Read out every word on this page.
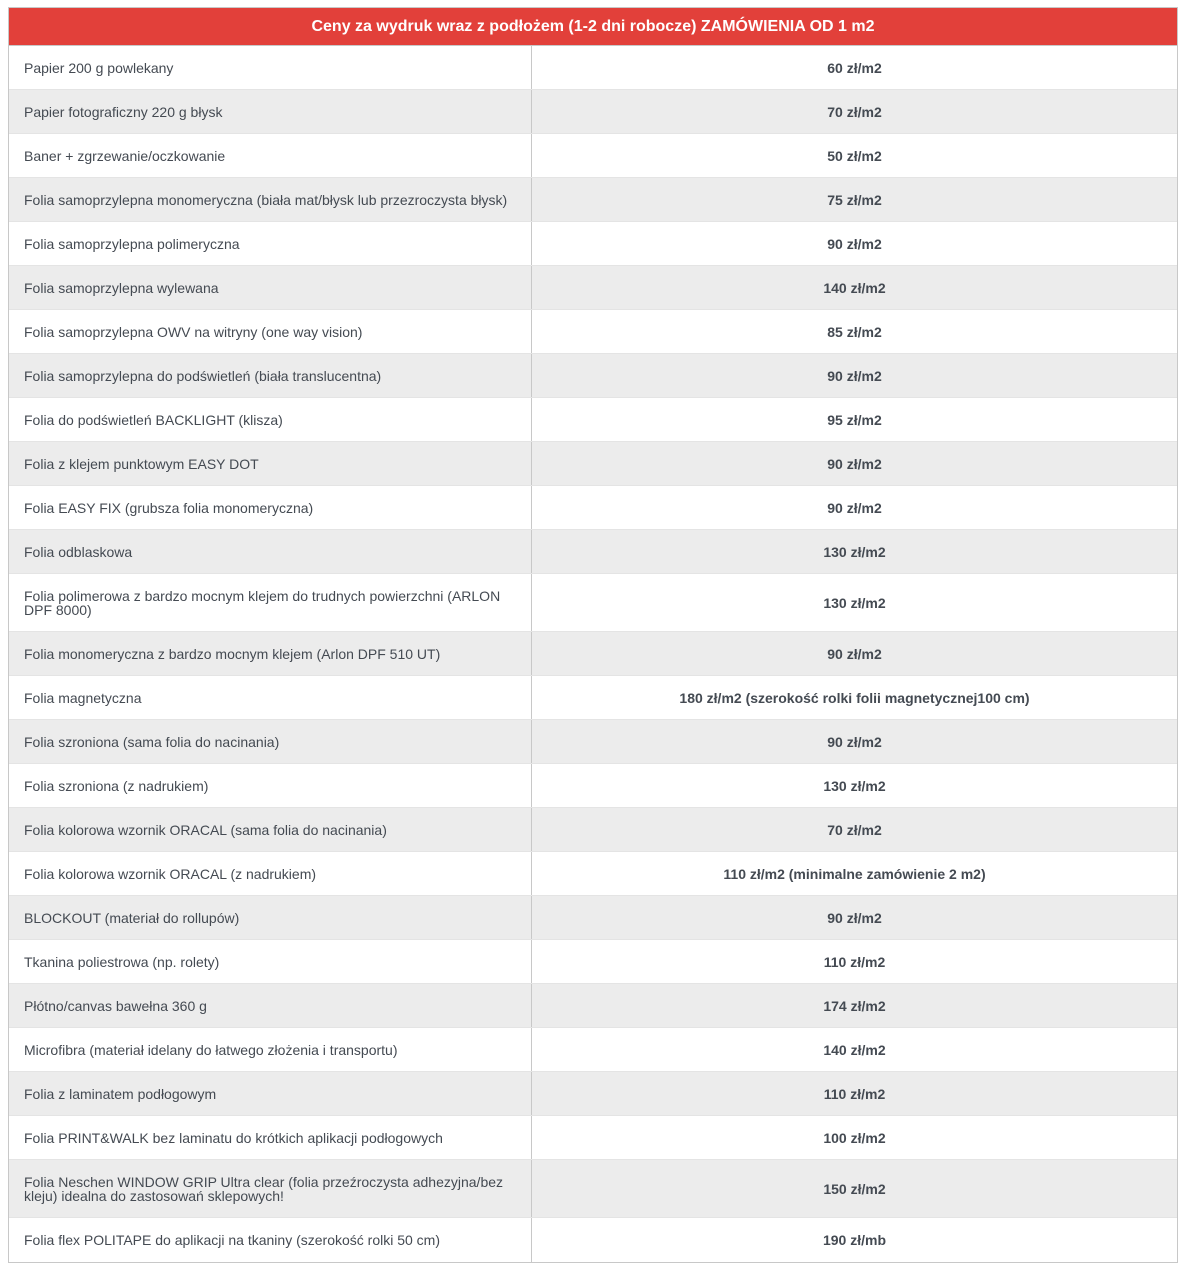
Ceny za wydruk wraz z podłożem (1-2 dni robocze) ZAMÓWIENIA OD 1 m2
Papier 200 g powlekany	60 zł/m2
Papier fotograficzny 220 g błysk	70 zł/m2
Baner + zgrzewanie/oczkowanie	50 zł/m2
Folia samoprzylepna monomeryczna (biała mat/błysk lub przezroczysta błysk)	75 zł/m2
Folia samoprzylepna polimeryczna	90 zł/m2
Folia samoprzylepna wylewana	140 zł/m2
Folia samoprzylepna OWV na witryny (one way vision)	85 zł/m2
Folia samoprzylepna do podświetleń (biała translucentna)	90 zł/m2
Folia do podświetleń BACKLIGHT (klisza)	95 zł/m2
Folia z klejem punktowym EASY DOT	90 zł/m2
Folia EASY FIX (grubsza folia monomeryczna)	90 zł/m2
Folia odblaskowa	130 zł/m2
Folia polimerowa z bardzo mocnym klejem do trudnych powierzchni (ARLON DPF 8000)	130 zł/m2
Folia monomeryczna z bardzo mocnym klejem (Arlon DPF 510 UT)	90 zł/m2
Folia magnetyczna	180 zł/m2 (szerokość rolki folii magnetycznej100 cm)
Folia szroniona (sama folia do nacinania)	90 zł/m2
Folia szroniona (z nadrukiem)	130 zł/m2
Folia kolorowa wzornik ORACAL (sama folia do nacinania)	70 zł/m2
Folia kolorowa wzornik ORACAL (z nadrukiem)	110 zł/m2 (minimalne zamówienie 2 m2)
BLOCKOUT (materiał do rollupów)	90 zł/m2
Tkanina poliestrowa (np. rolety)	110 zł/m2
Płótno/canvas bawełna 360 g	174 zł/m2
Microfibra (materiał idelany do łatwego złożenia i transportu)	140 zł/m2
Folia z laminatem podłogowym	110 zł/m2
Folia PRINT&WALK bez laminatu do krótkich aplikacji podłogowych	100 zł/m2
Folia Neschen WINDOW GRIP Ultra clear (folia przeźroczysta adhezyjna/bez kleju) idealna do zastosowań sklepowych!	150 zł/m2
Folia flex POLITAPE do aplikacji na tkaniny (szerokość rolki 50 cm)	190 zł/mb
